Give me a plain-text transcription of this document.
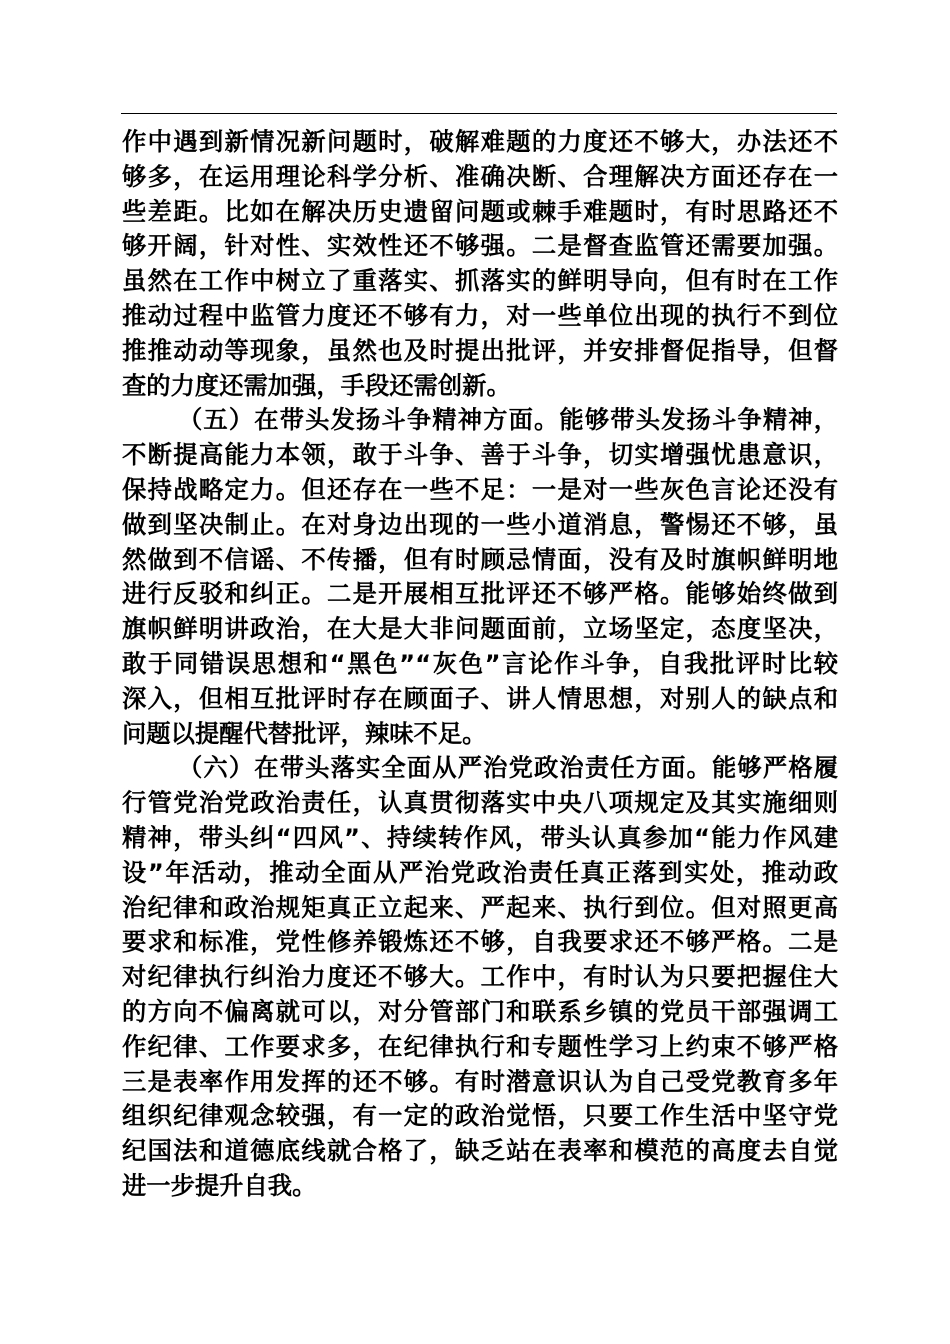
作中遇到新情况新问题时，破解难题的力度还不够大，办法还不
够多，在运用理论科学分析、准确决断、合理解决方面还存在一
些差距。比如在解决历史遗留问题或棘手难题时，有时思路还不
够开阔，针对性、实效性还不够强。二是督查监管还需要加强。
虽然在工作中树立了重落实、抓落实的鲜明导向，但有时在工作
推动过程中监管力度还不够有力，对一些单位出现的执行不到位
推推动动等现象，虽然也及时提出批评，并安排督促指导，但督
查的力度还需加强，手段还需创新。
（五）在带头发扬斗争精神方面。能够带头发扬斗争精神，
不断提高能力本领，敢于斗争、善于斗争，切实增强忧患意识，
保持战略定力。但还存在一些不足：一是对一些灰色言论还没有
做到坚决制止。在对身边出现的一些小道消息，警惕还不够，虽
然做到不信谣、不传播，但有时顾忌情面，没有及时旗帜鲜明地
进行反驳和纠正。二是开展相互批评还不够严格。能够始终做到
旗帜鲜明讲政治，在大是大非问题面前，立场坚定，态度坚决，
敢于同错误思想和“黑色”“灰色”言论作斗争，自我批评时比较
深入，但相互批评时存在顾面子、讲人情思想，对别人的缺点和
问题以提醒代替批评，辣味不足。
（六）在带头落实全面从严治党政治责任方面。能够严格履
行管党治党政治责任，认真贯彻落实中央八项规定及其实施细则
精神，带头纠“四风”、持续转作风，带头认真参加“能力作风建
设”年活动，推动全面从严治党政治责任真正落到实处，推动政
治纪律和政治规矩真正立起来、严起来、执行到位。但对照更高
要求和标准，党性修养锻炼还不够，自我要求还不够严格。二是
对纪律执行纠治力度还不够大。工作中，有时认为只要把握住大
的方向不偏离就可以，对分管部门和联系乡镇的党员干部强调工
作纪律、工作要求多，在纪律执行和专题性学习上约束不够严格
三是表率作用发挥的还不够。有时潜意识认为自己受党教育多年
组织纪律观念较强，有一定的政治觉悟，只要工作生活中坚守党
纪国法和道德底线就合格了，缺乏站在表率和模范的高度去自觉
进一步提升自我。
